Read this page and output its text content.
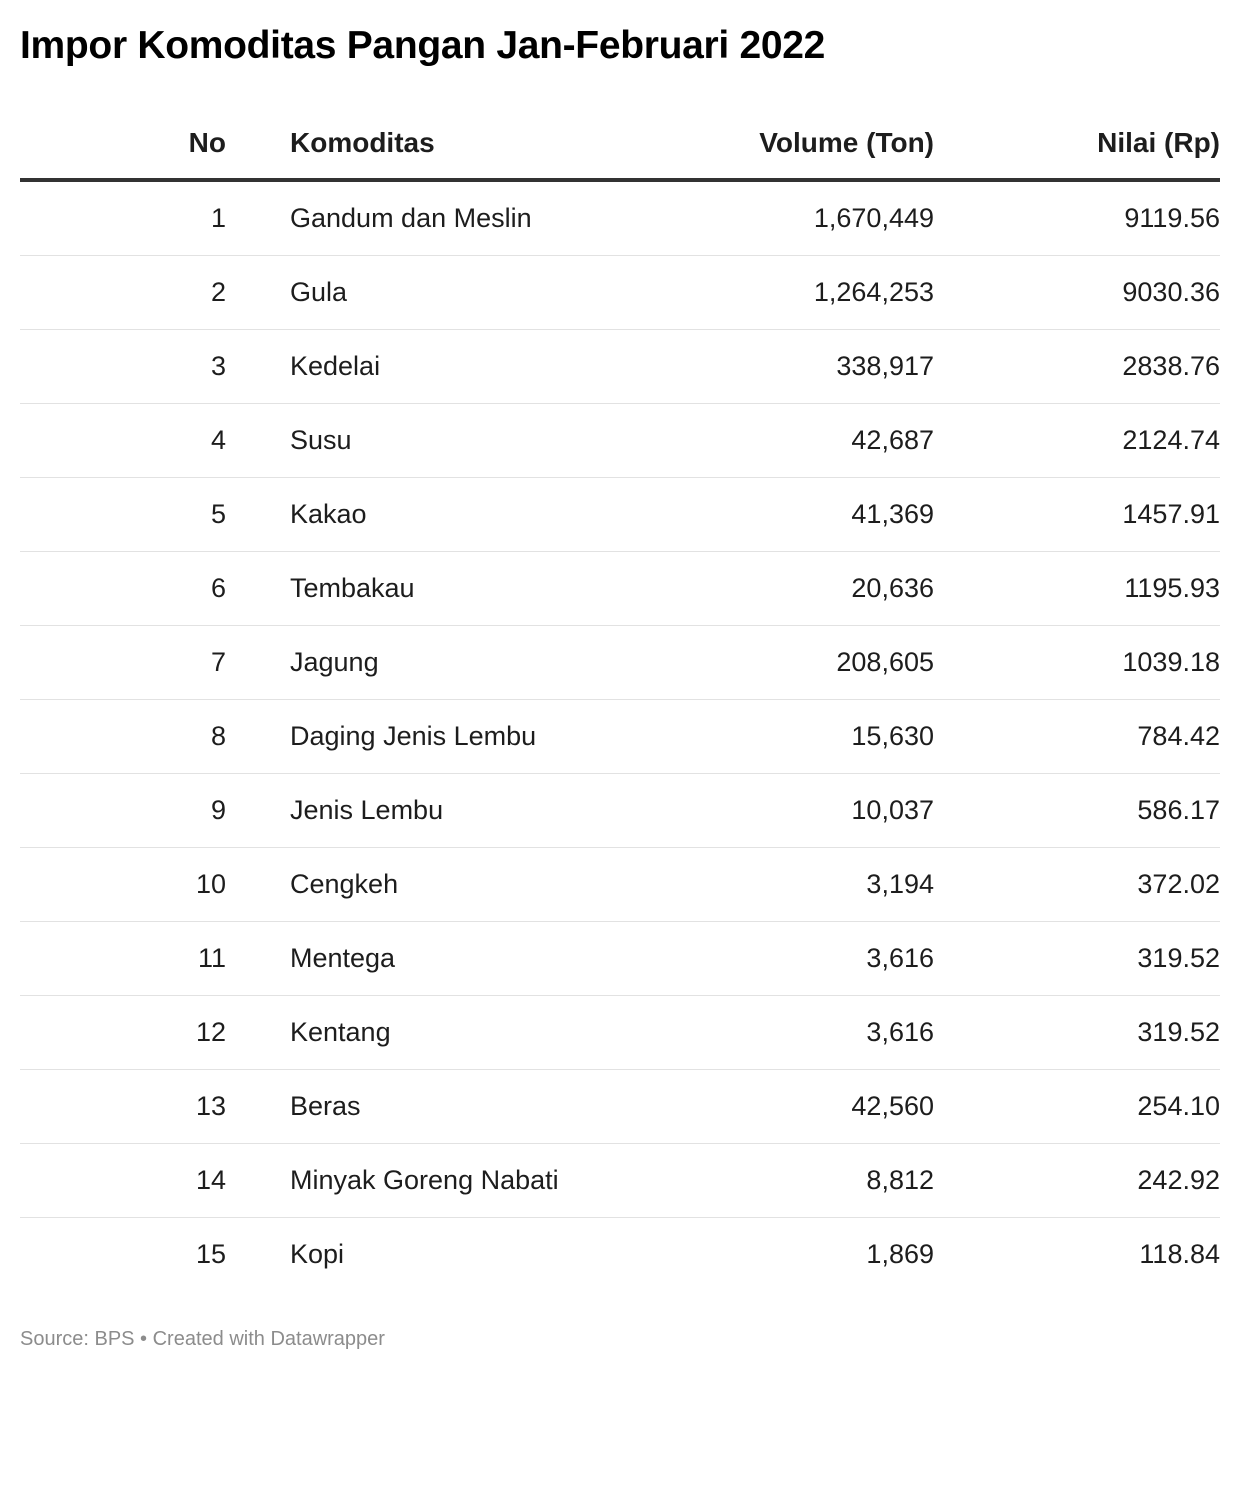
Impor Komoditas Pangan Jan-Februari 2022
No	Komoditas	Volume (Ton)	Nilai (Rp)
1	Gandum dan Meslin	1,670,449	9119.56
2	Gula	1,264,253	9030.36
3	Kedelai	338,917	2838.76
4	Susu	42,687	2124.74
5	Kakao	41,369	1457.91
6	Tembakau	20,636	1195.93
7	Jagung	208,605	1039.18
8	Daging Jenis Lembu	15,630	784.42
9	Jenis Lembu	10,037	586.17
10	Cengkeh	3,194	372.02
11	Mentega	3,616	319.52
12	Kentang	3,616	319.52
13	Beras	42,560	254.10
14	Minyak Goreng Nabati	8,812	242.92
15	Kopi	1,869	118.84
Source: BPS • Created with Datawrapper
